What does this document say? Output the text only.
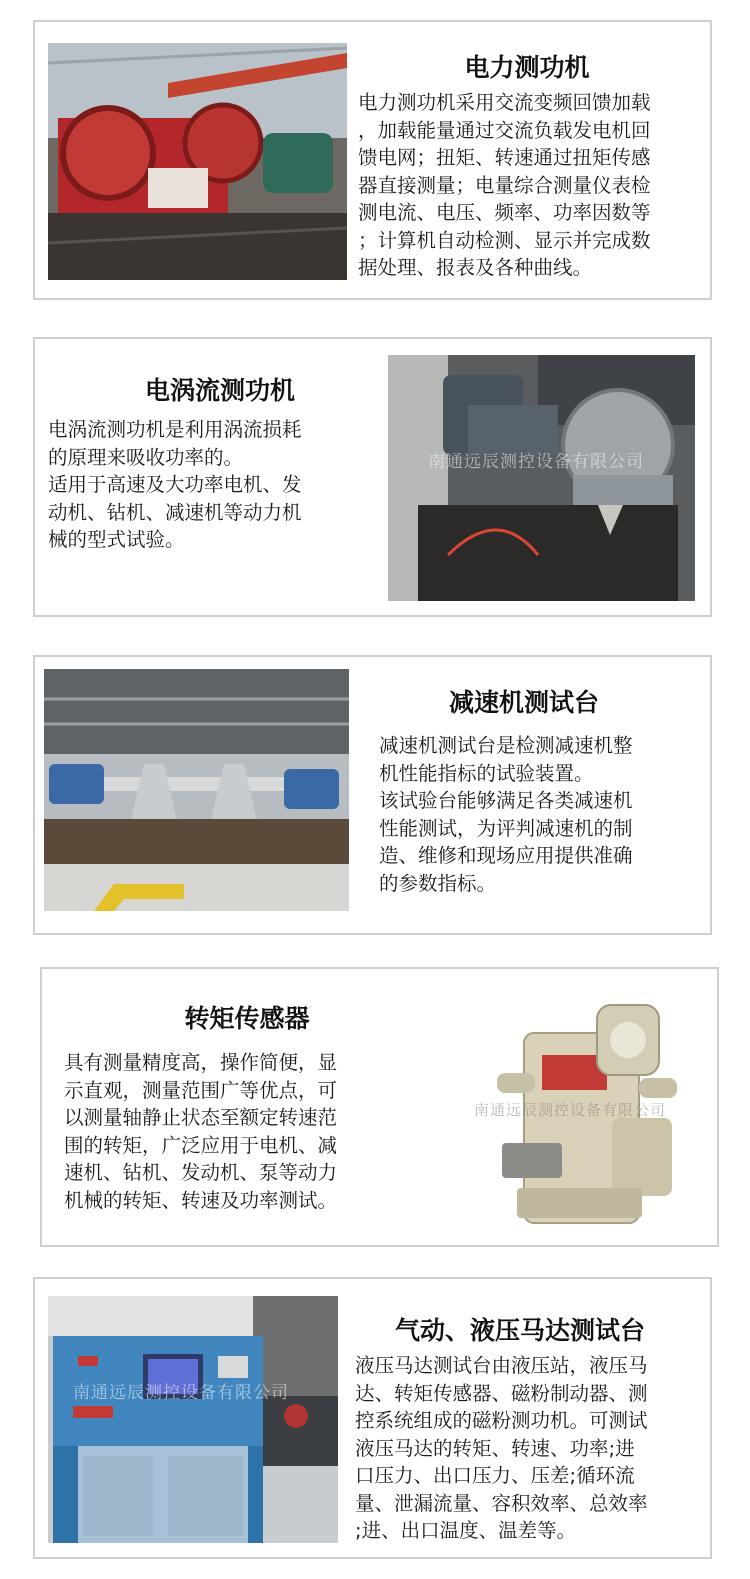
电力测功机
电力测功机采用交流变频回馈加载
，加载能量通过交流负载发电机回
馈电网；扭矩、转速通过扭矩传感
器直接测量；电量综合测量仪表检
测电流、电压、频率、功率因数等
；计算机自动检测、显示并完成数
据处理、报表及各种曲线。
电涡流测功机
电涡流测功机是利用涡流损耗
的原理来吸收功率的。
适用于高速及大功率电机、发
动机、钻机、减速机等动力机
械的型式试验。
南通远辰测控设备有限公司
减速机测试台
减速机测试台是检测减速机整
机性能指标的试验装置。
该试验台能够满足各类减速机
性能测试，为评判减速机的制
造、维修和现场应用提供准确
的参数指标。
转矩传感器
具有测量精度高，操作简便，显
示直观，测量范围广等优点，可
以测量轴静止状态至额定转速范
围的转矩，广泛应用于电机、减
速机、钻机、发动机、泵等动力
机械的转矩、转速及功率测试。
南通远辰测控设备有限公司
南通远辰测控设备有限公司
气动、液压马达测试台
液压马达测试台由液压站，液压马
达、转矩传感器、磁粉制动器、测
控系统组成的磁粉测功机。可测试
液压马达的转矩、转速、功率;进
口压力、出口压力、压差;循环流
量、泄漏流量、容积效率、总效率
;进、出口温度、温差等。
